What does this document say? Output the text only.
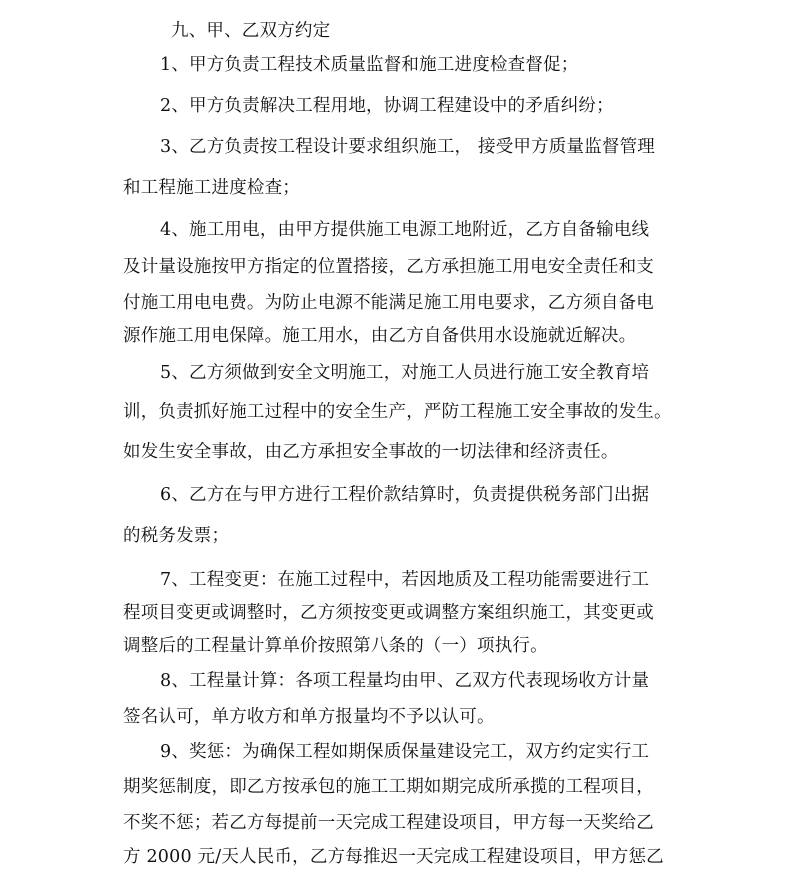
九、甲、乙双方约定
1、甲方负责工程技术质量监督和施工进度检查督促；
2、甲方负责解决工程用地，协调工程建设中的矛盾纠纷；
3、乙方负责按工程设计要求组织施工， 接受甲方质量监督管理
和工程施工进度检查；
4、施工用电，由甲方提供施工电源工地附近，乙方自备输电线
及计量设施按甲方指定的位置搭接，乙方承担施工用电安全责任和支
付施工用电电费。为防止电源不能满足施工用电要求，乙方须自备电
源作施工用电保障。施工用水，由乙方自备供用水设施就近解决。
5、乙方须做到安全文明施工，对施工人员进行施工安全教育培
训，负责抓好施工过程中的安全生产，严防工程施工安全事故的发生。
如发生安全事故，由乙方承担安全事故的一切法律和经济责任。
6、乙方在与甲方进行工程价款结算时，负责提供税务部门出据
的税务发票；
7、工程变更：在施工过程中，若因地质及工程功能需要进行工
程项目变更或调整时，乙方须按变更或调整方案组织施工，其变更或
调整后的工程量计算单价按照第八条的（一）项执行。
8、工程量计算：各项工程量均由甲、乙双方代表现场收方计量
签名认可，单方收方和单方报量均不予以认可。
9、奖惩：为确保工程如期保质保量建设完工，双方约定实行工
期奖惩制度，即乙方按承包的施工工期如期完成所承揽的工程项目，
不奖不惩；若乙方每提前一天完成工程建设项目，甲方每一天奖给乙
方 2000 元/天人民币，乙方每推迟一天完成工程建设项目，甲方惩乙
